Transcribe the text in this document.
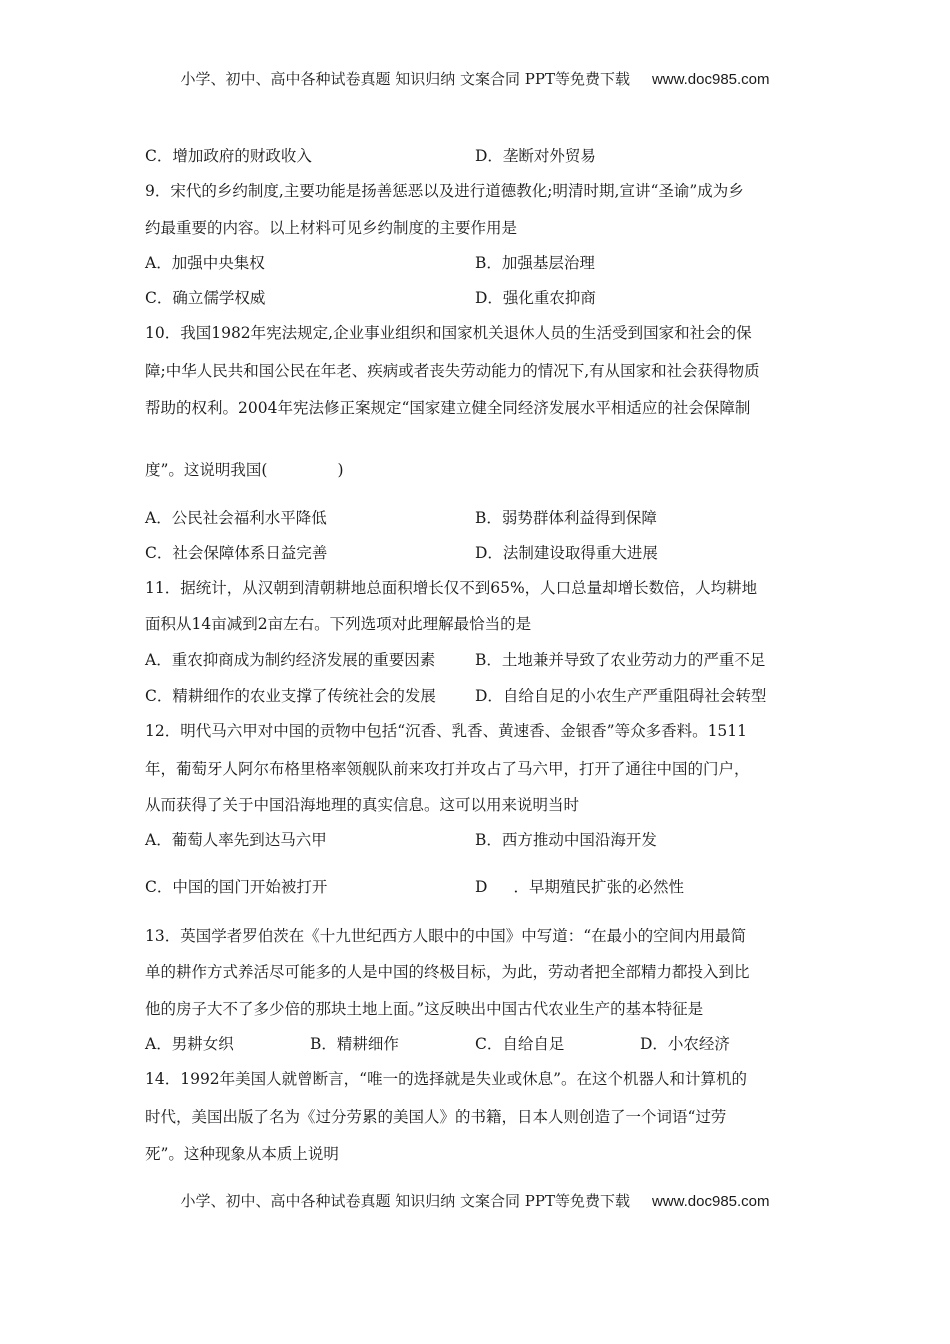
小学、初中、高中各种试卷真题 知识归纳 文案合同 PPT等免费下载 www.doc985.com
C．增加政府的财政收入	D．垄断对外贸易
9．宋代的乡约制度,主要功能是扬善惩恶以及进行道德教化;明清时期,宣讲“圣谕”成为乡
约最重要的内容。以上材料可见乡约制度的主要作用是
A．加强中央集权	B．加强基层治理
C．确立儒学权威	D．强化重农抑商
10．我国1982年宪法规定,企业事业组织和国家机关退休人员的生活受到国家和社会的保
障;中华人民共和国公民在年老、疾病或者丧失劳动能力的情况下,有从国家和社会获得物质
帮助的权利。2004年宪法修正案规定“国家建立健全同经济发展水平相适应的社会保障制
度”。这说明我国(	)
A．公民社会福利水平降低	B．弱势群体利益得到保障
C．社会保障体系日益完善	D．法制建设取得重大进展
11．据统计，从汉朝到清朝耕地总面积增长仅不到65%，人口总量却增长数倍，人均耕地
面积从14亩减到2亩左右。下列选项对此理解最恰当的是
A．重农抑商成为制约经济发展的重要因素	B．土地兼并导致了农业劳动力的严重不足
C．精耕细作的农业支撑了传统社会的发展	D．自给自足的小农生产严重阻碍社会转型
12．明代马六甲对中国的贡物中包括“沉香、乳香、黄速香、金银香”等众多香料。1511
年，葡萄牙人阿尔布格里格率领舰队前来攻打并攻占了马六甲，打开了通往中国的门户，
从而获得了关于中国沿海地理的真实信息。这可以用来说明当时
A．葡萄人率先到达马六甲	B．西方推动中国沿海开发
C．中国的国门开始被打开	D ．早期殖民扩张的必然性
13．英国学者罗伯茨在《十九世纪西方人眼中的中国》中写道：“在最小的空间内用最简
单的耕作方式养活尽可能多的人是中国的终极目标，为此，劳动者把全部精力都投入到比
他的房子大不了多少倍的那块土地上面。”这反映出中国古代农业生产的基本特征是
A．男耕女织	B．精耕细作	C．自给自足	D．小农经济
14．1992年美国人就曾断言，“唯一的选择就是失业或休息”。在这个机器人和计算机的
时代，美国出版了名为《过分劳累的美国人》的书籍，日本人则创造了一个词语“过劳
死”。这种现象从本质上说明
小学、初中、高中各种试卷真题 知识归纳 文案合同 PPT等免费下载 www.doc985.com
